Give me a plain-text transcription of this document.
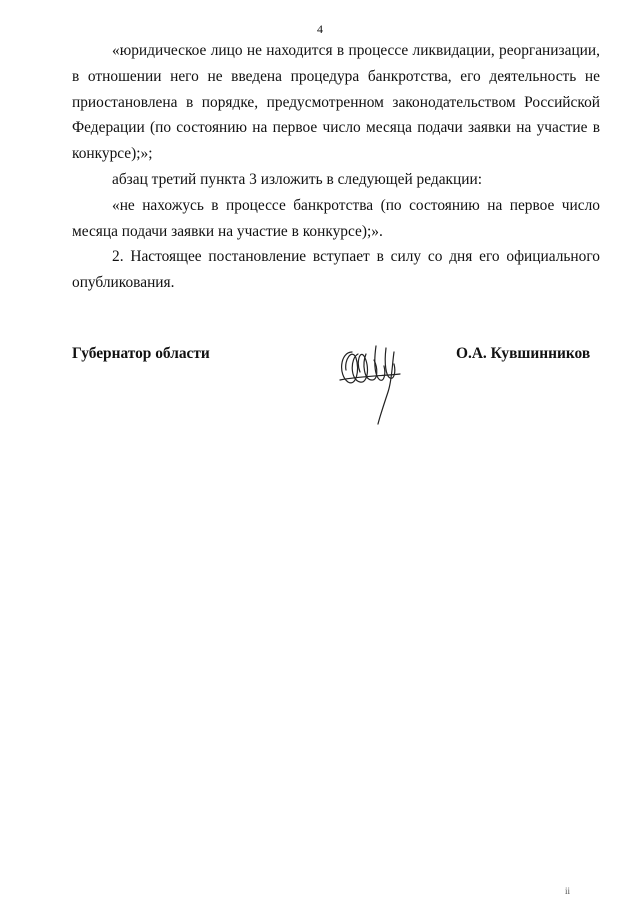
4

«юридическое лицо не находится в процессе ликвидации, реорганизации, в отношении него не введена процедура банкротства, его деятельность не приостановлена в порядке, предусмотренном законодательством Российской Федерации (по состоянию на первое число месяца подачи заявки на участие в конкурсе);»;

абзац третий пункта 3 изложить в следующей редакции:

«не нахожусь в процессе банкротства (по состоянию на первое число месяца подачи заявки на участие в конкурсе);».

2. Настоящее постановление вступает в силу со дня его официального опубликования.

Губернатор области	О.А. Кувшинников
ii
